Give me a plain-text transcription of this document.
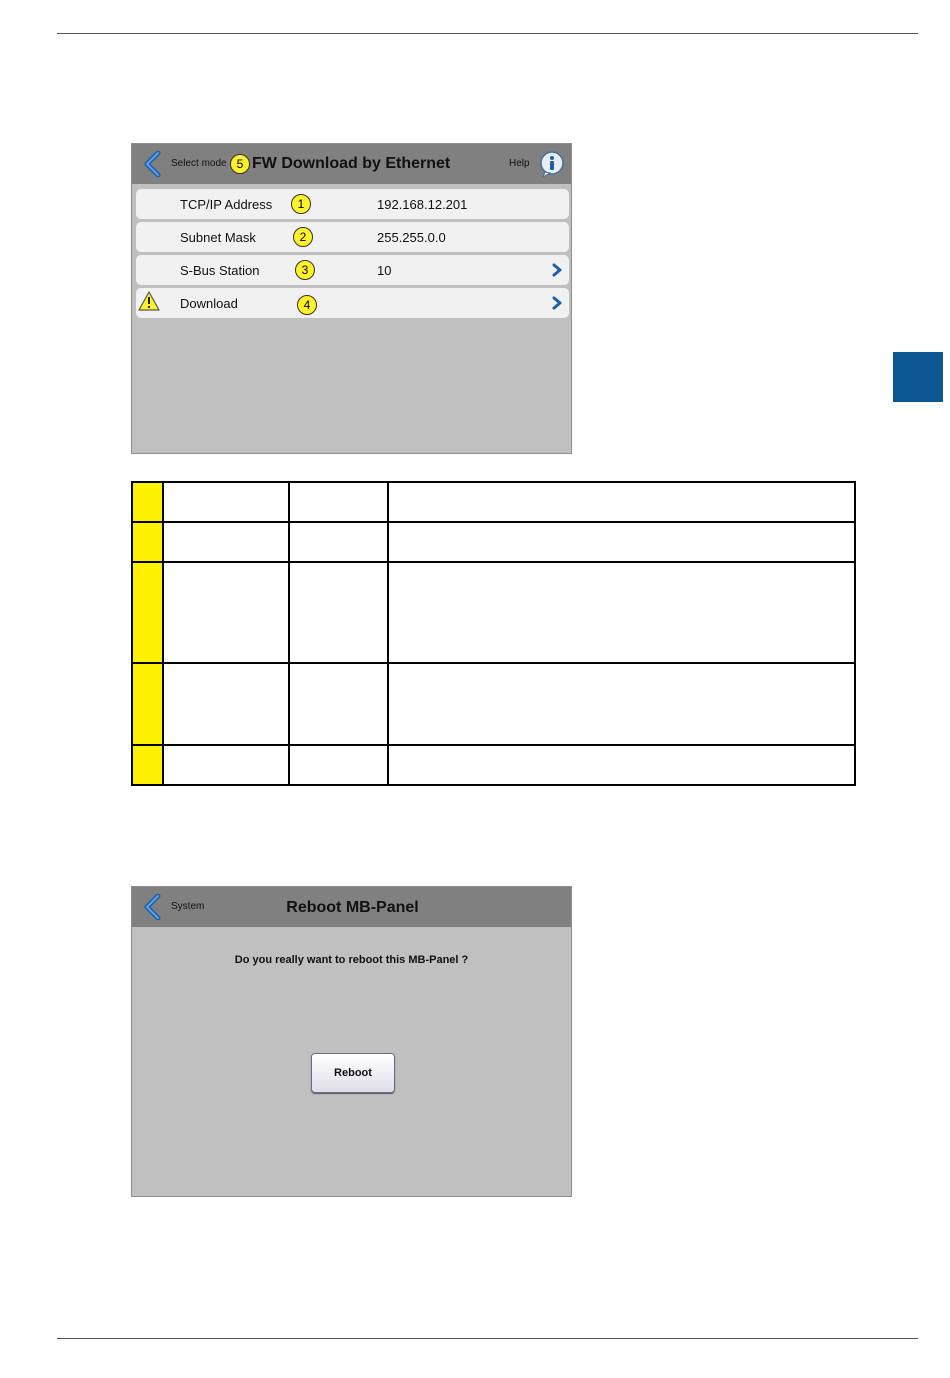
Select mode 5 FW Download by Ethernet	Help
TCP/IP Address	1	192.168.12.201
Subnet Mask	2	255.255.0.0
S-Bus Station	3	10
Download	4
System	Reboot MB-Panel
Do you really want to reboot this MB-Panel ?
Reboot
